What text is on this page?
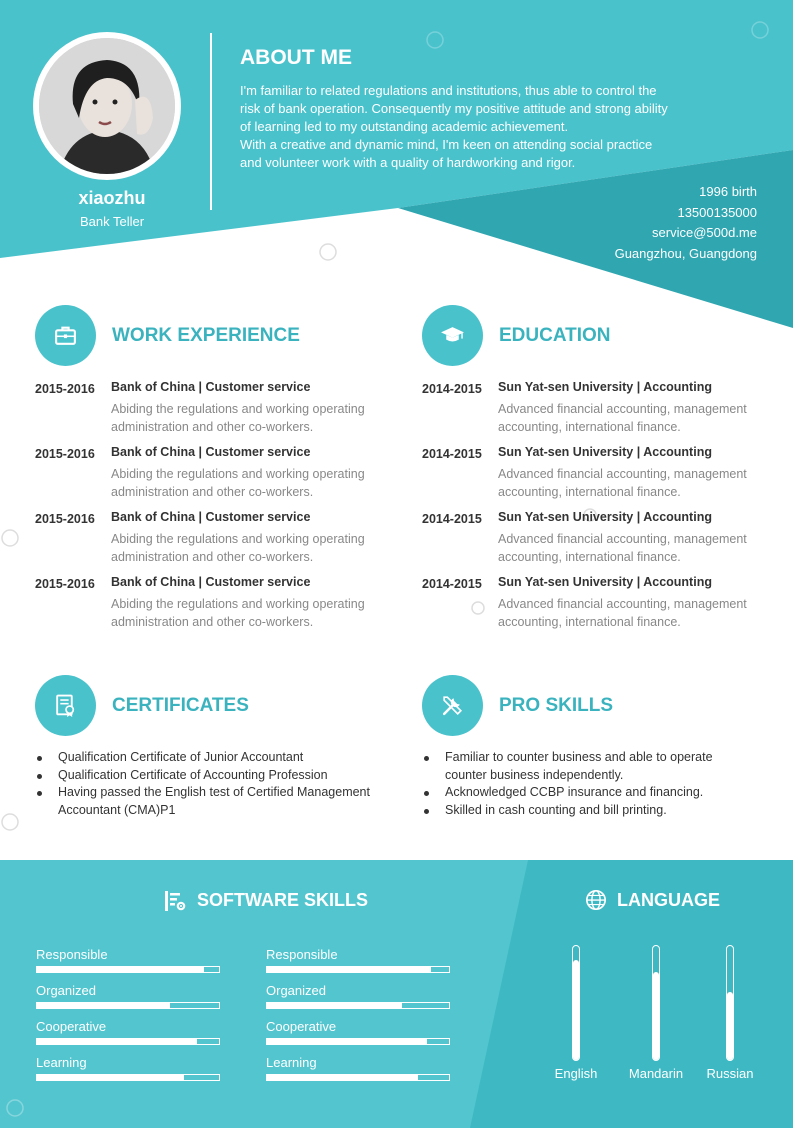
xiaozhu
Bank Teller
ABOUT ME
I'm familiar to related regulations and institutions, thus able to control the
risk of bank operation. Consequently my positive attitude and strong ability
of learning led to my outstanding academic achievement.
With a creative and dynamic mind, I'm keen on attending social practice
and volunteer work with a quality of hardworking and rigor.
1996 birth
13500135000
service@500d.me
Guangzhou, Guangdong
WORK EXPERIENCE
2015-2016 Bank of China | Customer service
Abiding the regulations and working operating administration and other co-workers.
2015-2016 Bank of China | Customer service
Abiding the regulations and working operating administration and other co-workers.
2015-2016 Bank of China | Customer service
Abiding the regulations and working operating administration and other co-workers.
2015-2016 Bank of China | Customer service
Abiding the regulations and working operating administration and other co-workers.
EDUCATION
2014-2015 Sun Yat-sen University | Accounting
Advanced financial accounting, management accounting, international finance.
2014-2015 Sun Yat-sen University | Accounting
Advanced financial accounting, management accounting, international finance.
2014-2015 Sun Yat-sen University | Accounting
Advanced financial accounting, management accounting, international finance.
2014-2015 Sun Yat-sen University | Accounting
Advanced financial accounting, management accounting, international finance.
CERTIFICATES
Qualification Certificate of Junior Accountant
Qualification Certificate of Accounting Profession
Having passed the English test of Certified Management Accountant (CMA)P1
PRO SKILLS
Familiar to counter business and able to operate counter business independently.
Acknowledged CCBP insurance and financing.
Skilled in cash counting and bill printing.
SOFTWARE SKILLS
Responsible
Organized
Cooperative
Learning
Responsible
Organized
Cooperative
Learning
LANGUAGE
English	Mandarin	Russian
